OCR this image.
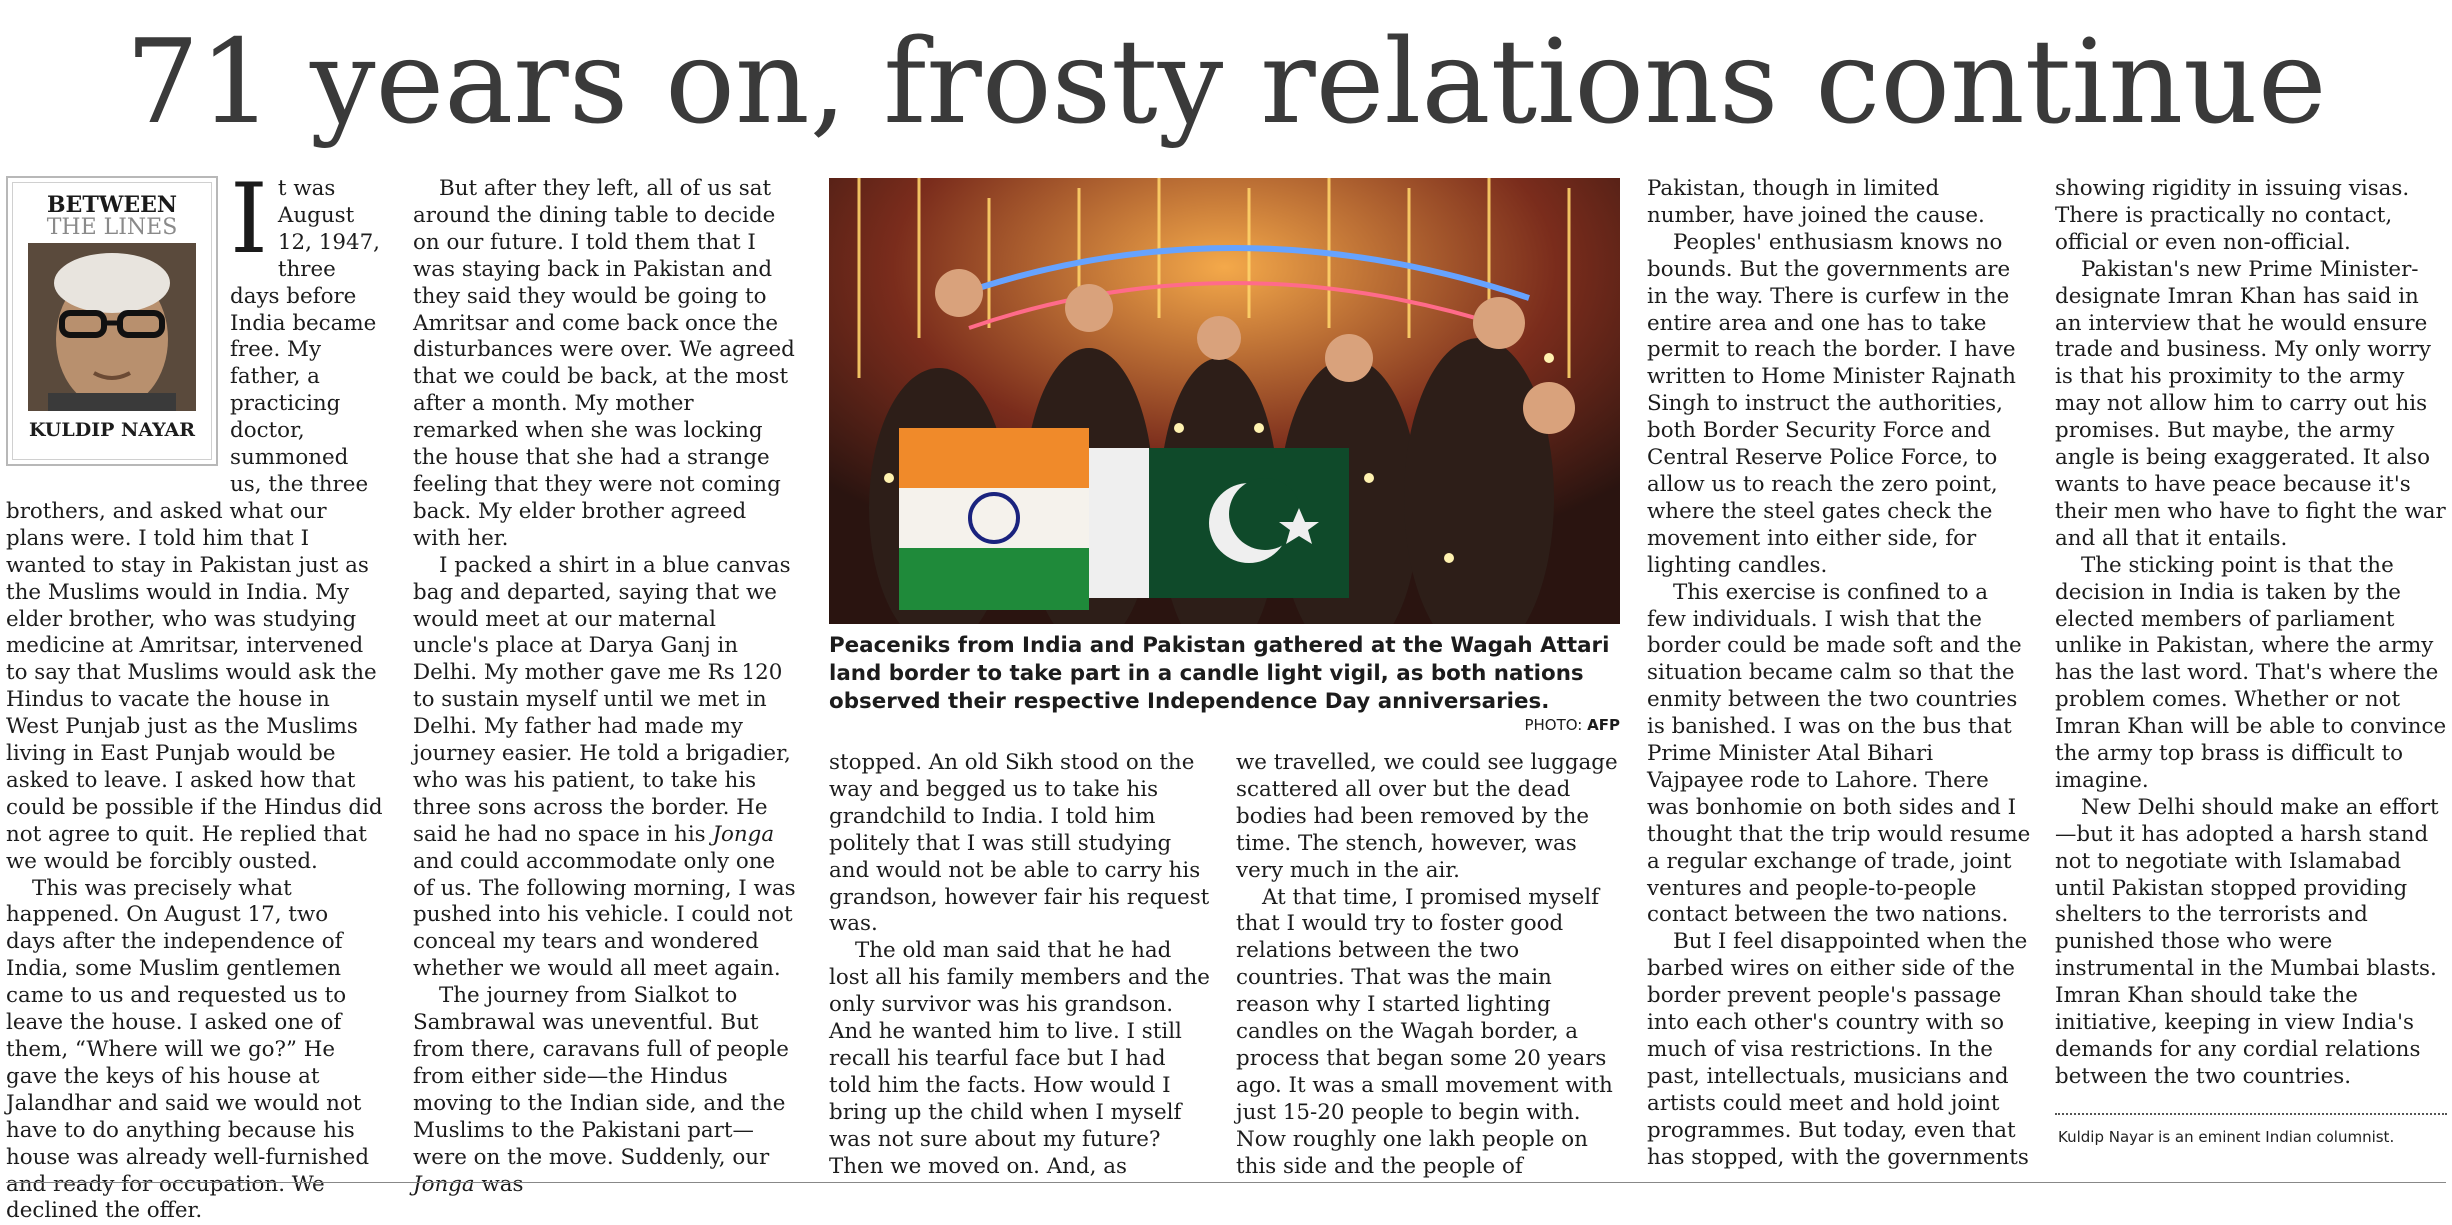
71 years on, frosty relations continue
BETWEEN
THE LINES
KULDIP NAYAR
I t was August 12, 1947, three days before India became free. My father, a practicing doctor, summoned us, the three brothers, and asked what our plans were. I told him that I wanted to stay in Pakistan just as the Muslims would in India. My elder brother, who was studying medicine at Amritsar, intervened to say that Muslims would ask the Hindus to vacate the house in West Punjab just as the Muslims living in East Punjab would be asked to leave. I asked how that could be possible if the Hindus did not agree to quit. He replied that we would be forcibly ousted.

This was precisely what happened. On August 17, two days after the independence of India, some Muslim gentlemen came to us and requested us to leave the house. I asked one of them, “Where will we go?” He gave the keys of his house at Jalandhar and said we would not have to do anything because his house was already well-furnished and ready for occupation. We declined the offer.

But after they left, all of us sat around the dining table to decide on our future. I told them that I was staying back in Pakistan and they said they would be going to Amritsar and come back once the disturbances were over. We agreed that we could be back, at the most after a month. My mother remarked when she was locking the house that she had a strange feeling that they were not coming back. My elder brother agreed with her.

I packed a shirt in a blue canvas bag and departed, saying that we would meet at our maternal uncle's place at Darya Ganj in Delhi. My mother gave me Rs 120 to sustain myself until we met in Delhi. My father had made my journey easier. He told a brigadier, who was his patient, to take his three sons across the border. He said he had no space in his Jonga and could accommodate only one of us. The following morning, I was pushed into his vehicle. I could not conceal my tears and wondered whether we would all meet again.

The journey from Sialkot to Sambrawal was uneventful. But from there, caravans full of people from either side—the Hindus moving to the Indian side, and the Muslims to the Pakistani part—were on the move. Suddenly, our Jonga was

Peaceniks from India and Pakistan gathered at the Wagah Attari land border to take part in a candle light vigil, as both nations observed their respective Independence Day anniversaries.
PHOTO: AFP

stopped. An old Sikh stood on the way and begged us to take his grandchild to India. I told him politely that I was still studying and would not be able to carry his grandson, however fair his request was.

The old man said that he had lost all his family members and the only survivor was his grandson. And he wanted him to live. I still recall his tearful face but I had told him the facts. How would I bring up the child when I myself was not sure about my future? Then we moved on. And, as

we travelled, we could see luggage scattered all over but the dead bodies had been removed by the time. The stench, however, was very much in the air.

At that time, I promised myself that I would try to foster good relations between the two countries. That was the main reason why I started lighting candles on the Wagah border, a process that began some 20 years ago. It was a small movement with just 15-20 people to begin with. Now roughly one lakh people on this side and the people of

Pakistan, though in limited number, have joined the cause.

Peoples' enthusiasm knows no bounds. But the governments are in the way. There is curfew in the entire area and one has to take permit to reach the border. I have written to Home Minister Rajnath Singh to instruct the authorities, both Border Security Force and Central Reserve Police Force, to allow us to reach the zero point, where the steel gates check the movement into either side, for lighting candles.

This exercise is confined to a few individuals. I wish that the border could be made soft and the situation became calm so that the enmity between the two countries is banished. I was on the bus that Prime Minister Atal Bihari Vajpayee rode to Lahore. There was bonhomie on both sides and I thought that the trip would resume a regular exchange of trade, joint ventures and people-to-people contact between the two nations.

But I feel disappointed when the barbed wires on either side of the border prevent people's passage into each other's country with so much of visa restrictions. In the past, intellectuals, musicians and artists could meet and hold joint programmes. But today, even that has stopped, with the governments

showing rigidity in issuing visas. There is practically no contact, official or even non-official.

Pakistan's new Prime Minister-designate Imran Khan has said in an interview that he would ensure trade and business. My only worry is that his proximity to the army may not allow him to carry out his promises. But maybe, the army angle is being exaggerated. It also wants to have peace because it's their men who have to fight the war and all that it entails.

The sticking point is that the decision in India is taken by the elected members of parliament unlike in Pakistan, where the army has the last word. That's where the problem comes. Whether or not Imran Khan will be able to convince the army top brass is difficult to imagine.

New Delhi should make an effort—but it has adopted a harsh stand not to negotiate with Islamabad until Pakistan stopped providing shelters to the terrorists and punished those who were instrumental in the Mumbai blasts. Imran Khan should take the initiative, keeping in view India's demands for any cordial relations between the two countries.

Kuldip Nayar is an eminent Indian columnist.
